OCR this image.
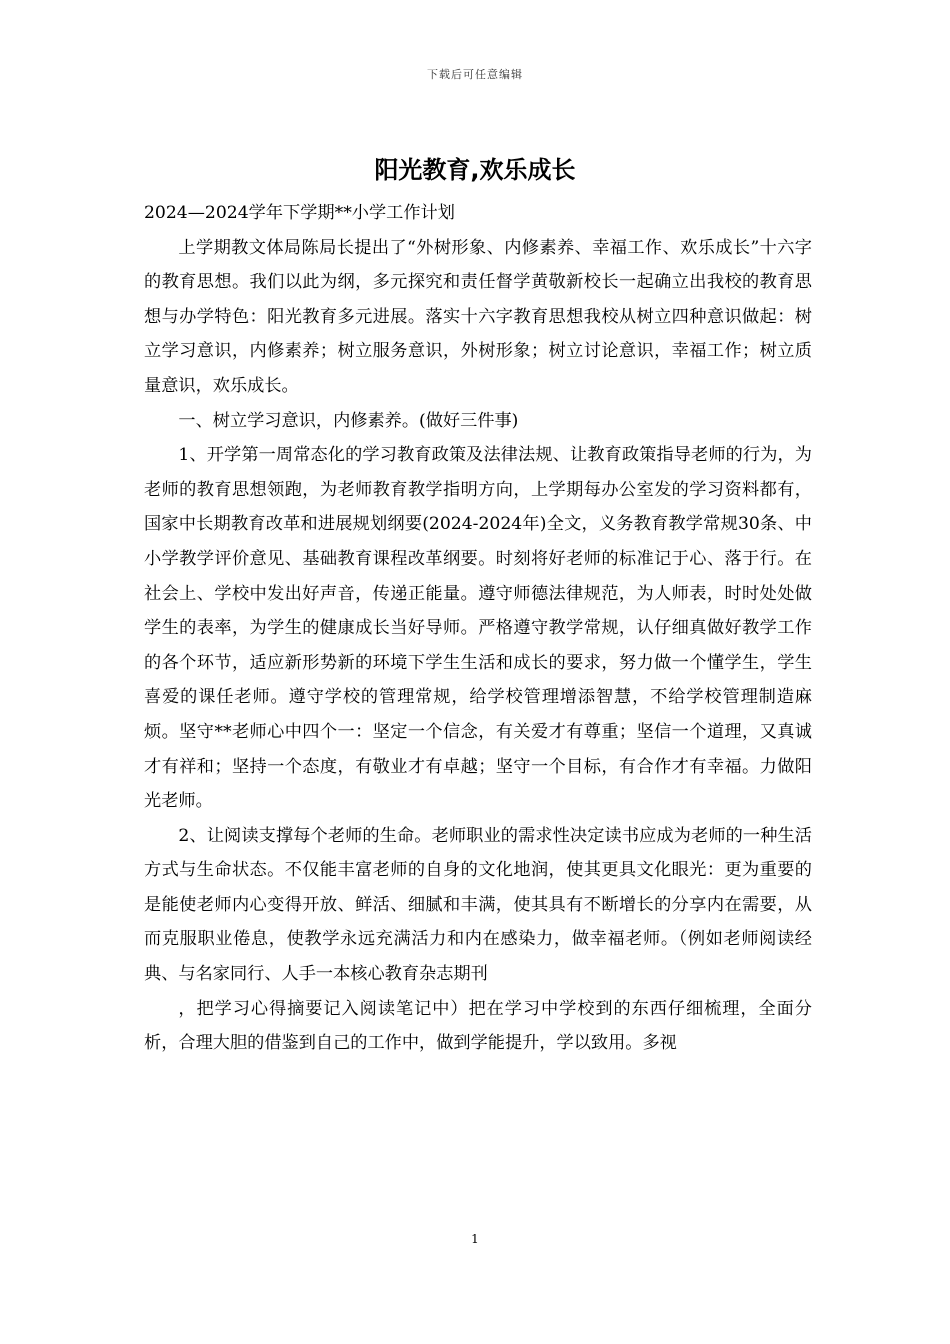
下载后可任意编辑
阳光教育,欢乐成长

2024—2024学年下学期**小学工作计划

上学期教文体局陈局长提出了“外树形象、内修素养、幸福工作、欢乐成长”十六字的教育思想。我们以此为纲，多元探究和责任督学黄敬新校长一起确立出我校的教育思想与办学特色：阳光教育多元进展。落实十六字教育思想我校从树立四种意识做起：树立学习意识，内修素养；树立服务意识，外树形象；树立讨论意识，幸福工作；树立质量意识，欢乐成长。

一、树立学习意识，内修素养。(做好三件事)

1、开学第一周常态化的学习教育政策及法律法规、让教育政策指导老师的行为，为老师的教育思想领跑，为老师教育教学指明方向，上学期每办公室发的学习资料都有，国家中长期教育改革和进展规划纲要(2024-2024年)全文，义务教育教学常规30条、中小学教学评价意见、基础教育课程改革纲要。时刻将好老师的标准记于心、落于行。在社会上、学校中发出好声音，传递正能量。遵守师德法律规范，为人师表，时时处处做学生的表率，为学生的健康成长当好导师。严格遵守教学常规，认仔细真做好教学工作的各个环节，适应新形势新的环境下学生生活和成长的要求，努力做一个懂学生，学生喜爱的课任老师。遵守学校的管理常规，给学校管理增添智慧，不给学校管理制造麻烦。坚守**老师心中四个一：坚定一个信念，有关爱才有尊重；坚信一个道理，又真诚才有祥和；坚持一个态度，有敬业才有卓越；坚守一个目标，有合作才有幸福。力做阳光老师。

2、让阅读支撑每个老师的生命。老师职业的需求性决定读书应成为老师的一种生活方式与生命状态。不仅能丰富老师的自身的文化地润，使其更具文化眼光：更为重要的是能使老师内心变得开放、鲜活、细腻和丰满，使其具有不断增长的分享内在需要，从而克服职业倦息，使教学永远充满活力和内在感染力，做幸福老师。（例如老师阅读经典、与名家同行、人手一本核心教育杂志期刊

，把学习心得摘要记入阅读笔记中）把在学习中学校到的东西仔细梳理，全面分析，合理大胆的借鉴到自己的工作中，做到学能提升，学以致用。多视

1
